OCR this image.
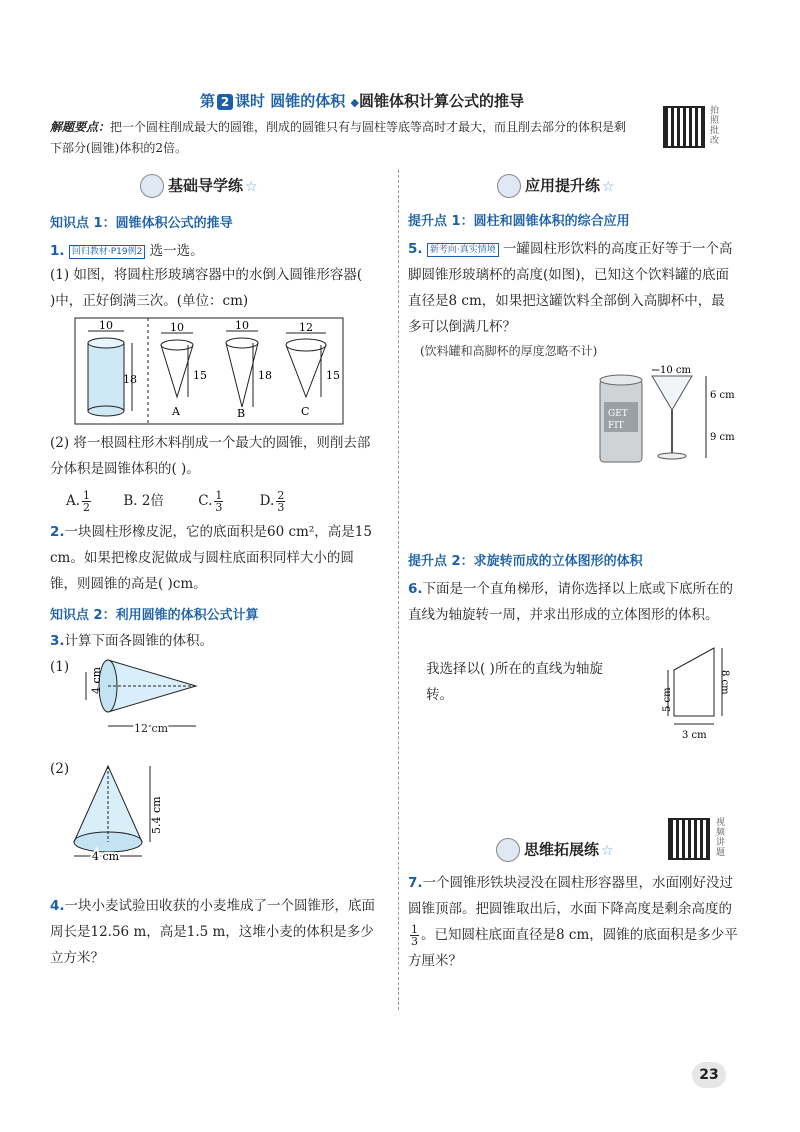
第 2 课时 圆锥的体积 ◆圆锥体积计算公式的推导
解题要点：把一个圆柱削成最大的圆锥，削成的圆锥只有与圆柱等底等高时才最大，而且削去部分的体积是剩下部分(圆锥)体积的2倍。
拍照批改
基础导学练 ☆
知识点 1：圆锥体积公式的推导
1. 回归教材·P19例2 选一选。
(1) 如图，将圆柱形玻璃容器中的水倒入圆锥形容器( )中，正好倒满三次。(单位：cm)
10
18
10
15
A
10
18
B
12
15
C
(2) 将一根圆柱形木料削成一个最大的圆锥，则削去部分体积是圆锥体积的( )。
A. $\frac{1}{2} B$. 2倍	C. $\frac{1}{3}$	D. $\frac{2}{3}$
2.一块圆柱形橡皮泥，它的底面积是60 cm²，高是15 cm。如果把橡皮泥做成与圆柱底面积同样大小的圆锥，则圆锥的高是( )cm。
知识点 2：利用圆锥的体积公式计算
3.计算下面各圆锥的体积。
(1) 4 cm
12 cm
(2)
5.4 cm
4 cm
4.一块小麦试验田收获的小麦堆成了一个圆锥形，底面周长是12.56 m，高是1.5 m，这堆小麦的体积是多少立方米？
应用提升练 ☆
提升点 1：圆柱和圆锥体积的综合应用
5. 新考向·真实情境 一罐圆柱形饮料的高度正好等于一个高脚圆锥形玻璃杯的高度(如图)，已知这个饮料罐的底面直径是8 cm，如果把这罐饮料全部倒入高脚杯中，最多可以倒满几杯？
(饮料罐和高脚杯的厚度忽略不计)
GET
FIT
10 cm
6 cm
9 cm
提升点 2：求旋转而成的立体图形的体积
6.下面是一个直角梯形，请你选择以上底或下底所在的直线为轴旋转一周，并求出形成的立体图形的体积。
我选择以( )所在的直线为轴旋转。	5 cm
8 cm
3 cm
思维拓展练 ☆
视频讲题
7.一个圆锥形铁块浸没在圆柱形容器里，水面刚好没过圆锥顶部。把圆锥取出后，水面下降高度是剩余高度的
$\frac{1}{3}$ 。已知圆柱底面直径是8 cm，圆锥的底面积是多少平方厘米？
23
